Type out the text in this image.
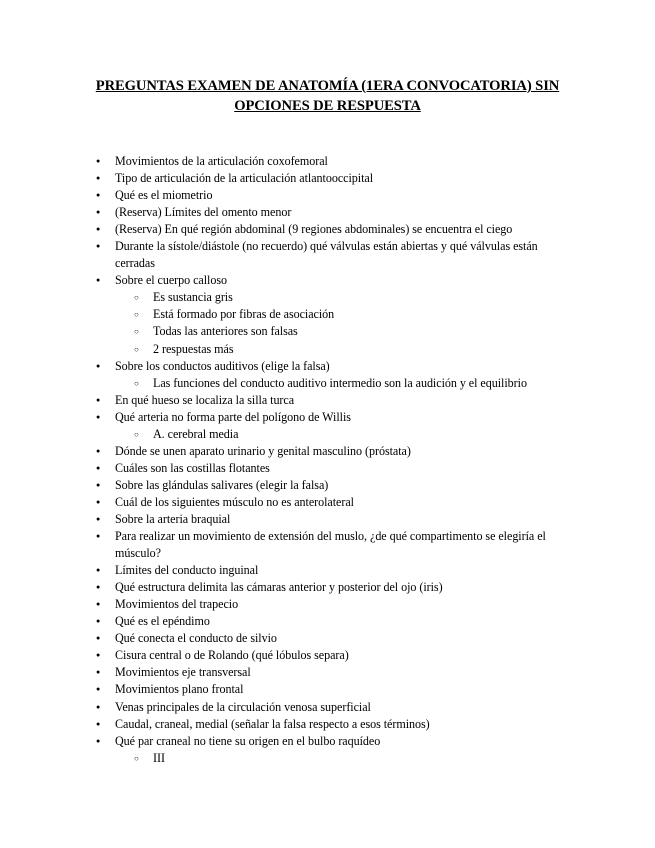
PREGUNTAS EXAMEN DE ANATOMÍA (1ERA CONVOCATORIA) SIN
OPCIONES DE RESPUESTA
● Movimientos de la articulación coxofemoral
● Tipo de articulación de la articulación atlantooccipital
● Qué es el miometrio
● (Reserva) Límites del omento menor
● (Reserva) En qué región abdominal (9 regiones abdominales) se encuentra el ciego
● Durante la sístole/diástole (no recuerdo) qué válvulas están abiertas y qué válvulas están cerradas
● Sobre el cuerpo calloso
○ Es sustancia gris
○ Está formado por fibras de asociación
○ Todas las anteriores son falsas
○ 2 respuestas más
● Sobre los conductos auditivos (elige la falsa)
○ Las funciones del conducto auditivo intermedio son la audición y el equilibrio
● En qué hueso se localiza la silla turca
● Qué arteria no forma parte del polígono de Willis
○ A. cerebral media
● Dónde se unen aparato urinario y genital masculino (próstata)
● Cuáles son las costillas flotantes
● Sobre las glándulas salivares (elegir la falsa)
● Cuál de los siguientes músculo no es anterolateral
● Sobre la arteria braquial
● Para realizar un movimiento de extensión del muslo, ¿de qué compartimento se elegiría el músculo?
● Límites del conducto inguinal
● Qué estructura delimita las cámaras anterior y posterior del ojo (iris)
● Movimientos del trapecio
● Qué es el epéndimo
● Qué conecta el conducto de silvio
● Cisura central o de Rolando (qué lóbulos separa)
● Movimientos eje transversal
● Movimientos plano frontal
● Venas principales de la circulación venosa superficial
● Caudal, craneal, medial (señalar la falsa respecto a esos términos)
● Qué par craneal no tiene su origen en el bulbo raquídeo
○ III
